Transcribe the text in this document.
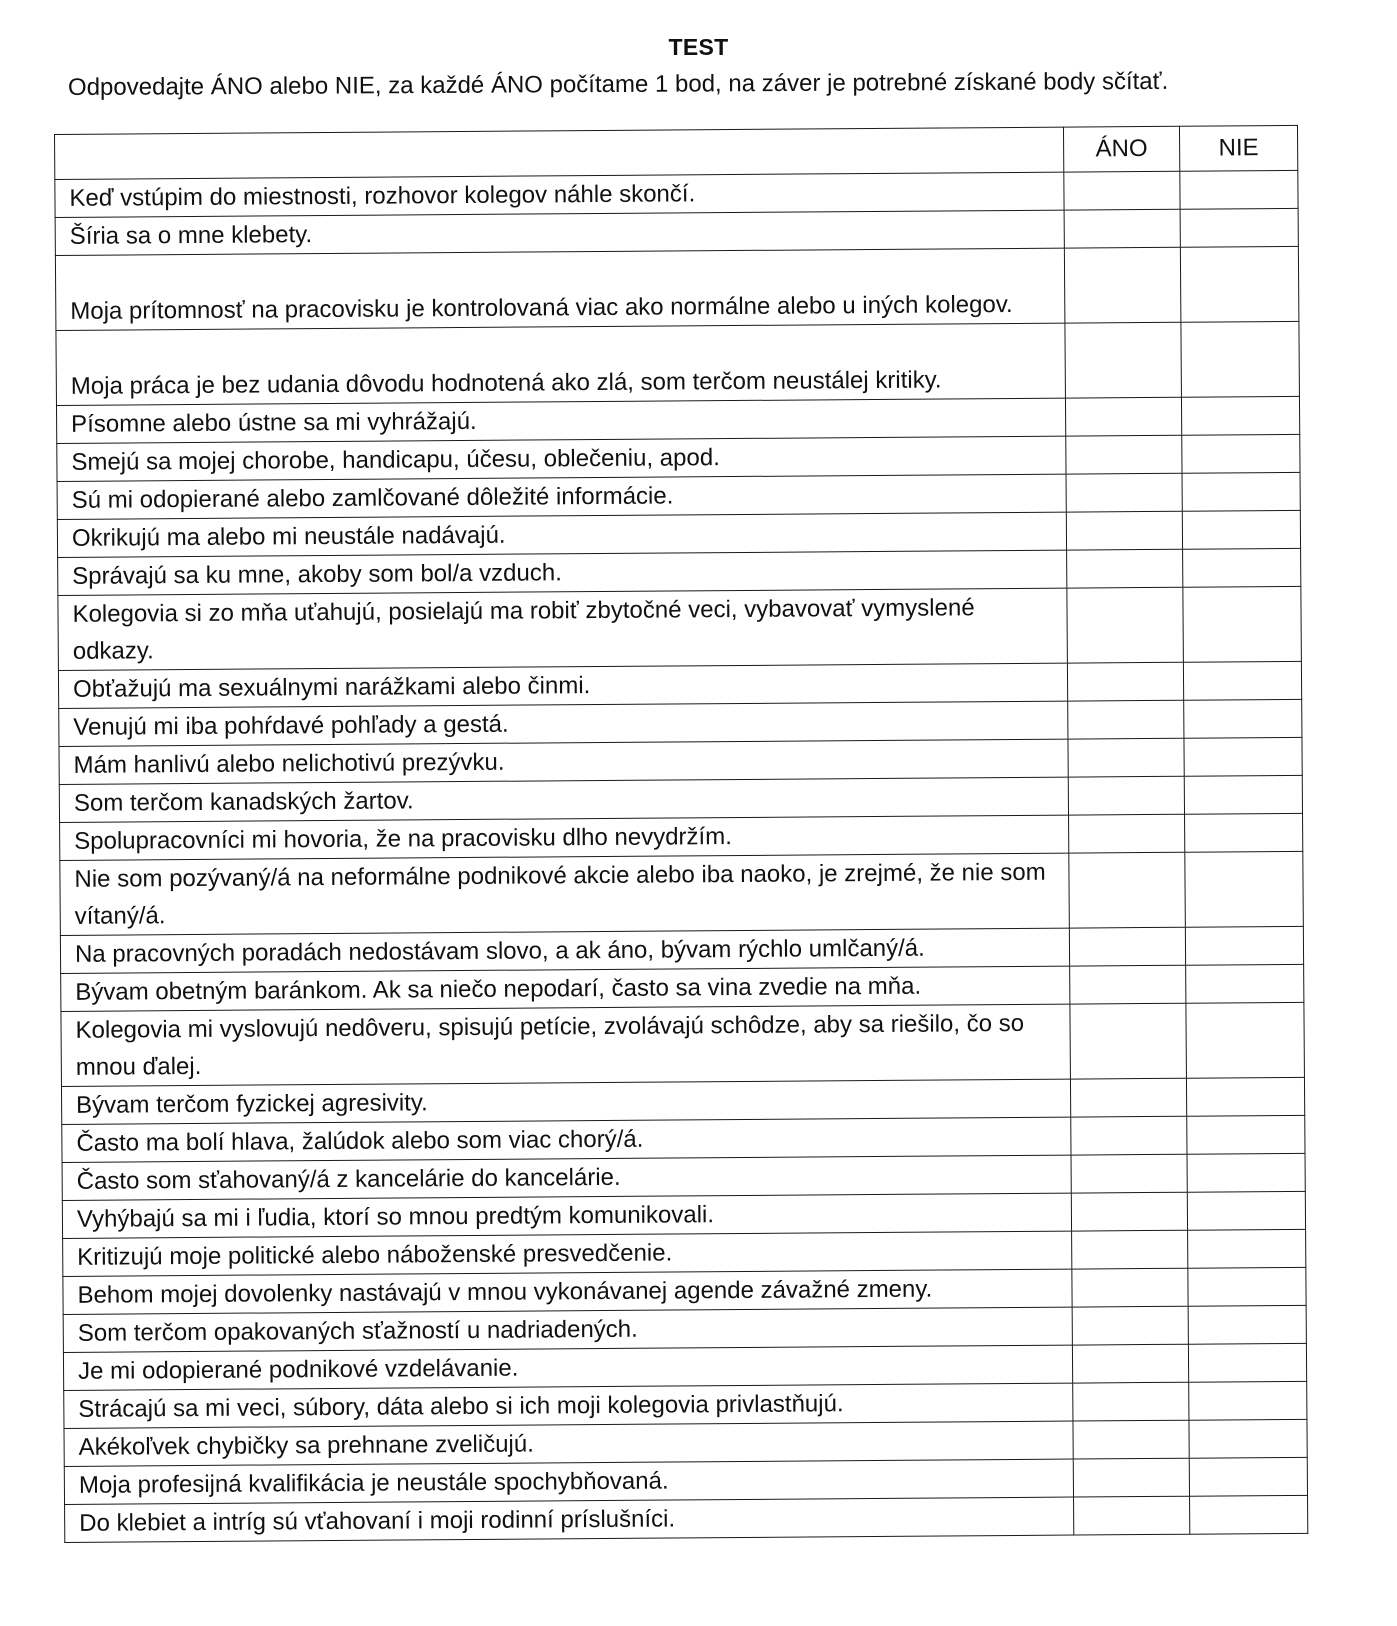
TEST
Odpovedajte ÁNO alebo NIE, za každé ÁNO počítame 1 bod, na záver je potrebné získané body sčítať.
	ÁNO	NIE
Keď vstúpim do miestnosti, rozhovor kolegov náhle skončí.		
Šíria sa o mne klebety.		
Moja prítomnosť na pracovisku je kontrolovaná viac ako normálne alebo u iných kolegov.		
Moja práca je bez udania dôvodu hodnotená ako zlá, som terčom neustálej kritiky.		
Písomne alebo ústne sa mi vyhrážajú.		
Smejú sa mojej chorobe, handicapu, účesu, oblečeniu, apod.		
Sú mi odopierané alebo zamlčované dôležité informácie.		
Okrikujú ma alebo mi neustále nadávajú.		
Správajú sa ku mne, akoby som bol/a vzduch.		
Kolegovia si zo mňa uťahujú, posielajú ma robiť zbytočné veci, vybavovať vymyslené odkazy.		
Obťažujú ma sexuálnymi narážkami alebo činmi.		
Venujú mi iba pohŕdavé pohľady a gestá.		
Mám hanlivú alebo nelichotivú prezývku.		
Som terčom kanadských žartov.		
Spolupracovníci mi hovoria, že na pracovisku dlho nevydržím.		
Nie som pozývaný/á na neformálne podnikové akcie alebo iba naoko, je zrejmé, že nie som vítaný/á.		
Na pracovných poradách nedostávam slovo, a ak áno, bývam rýchlo umlčaný/á.		
Bývam obetným baránkom. Ak sa niečo nepodarí, často sa vina zvedie na mňa.		
Kolegovia mi vyslovujú nedôveru, spisujú petície, zvolávajú schôdze, aby sa riešilo, čo so mnou ďalej.		
Bývam terčom fyzickej agresivity.		
Často ma bolí hlava, žalúdok alebo som viac chorý/á.		
Často som sťahovaný/á z kancelárie do kancelárie.		
Vyhýbajú sa mi i ľudia, ktorí so mnou predtým komunikovali.		
Kritizujú moje politické alebo náboženské presvedčenie.		
Behom mojej dovolenky nastávajú v mnou vykonávanej agende závažné zmeny.		
Som terčom opakovaných sťažností u nadriadených.		
Je mi odopierané podnikové vzdelávanie.		
Strácajú sa mi veci, súbory, dáta alebo si ich moji kolegovia privlastňujú.		
Akékoľvek chybičky sa prehnane zveličujú.		
Moja profesijná kvalifikácia je neustále spochybňovaná.		
Do klebiet a intríg sú vťahovaní i moji rodinní príslušníci.		
